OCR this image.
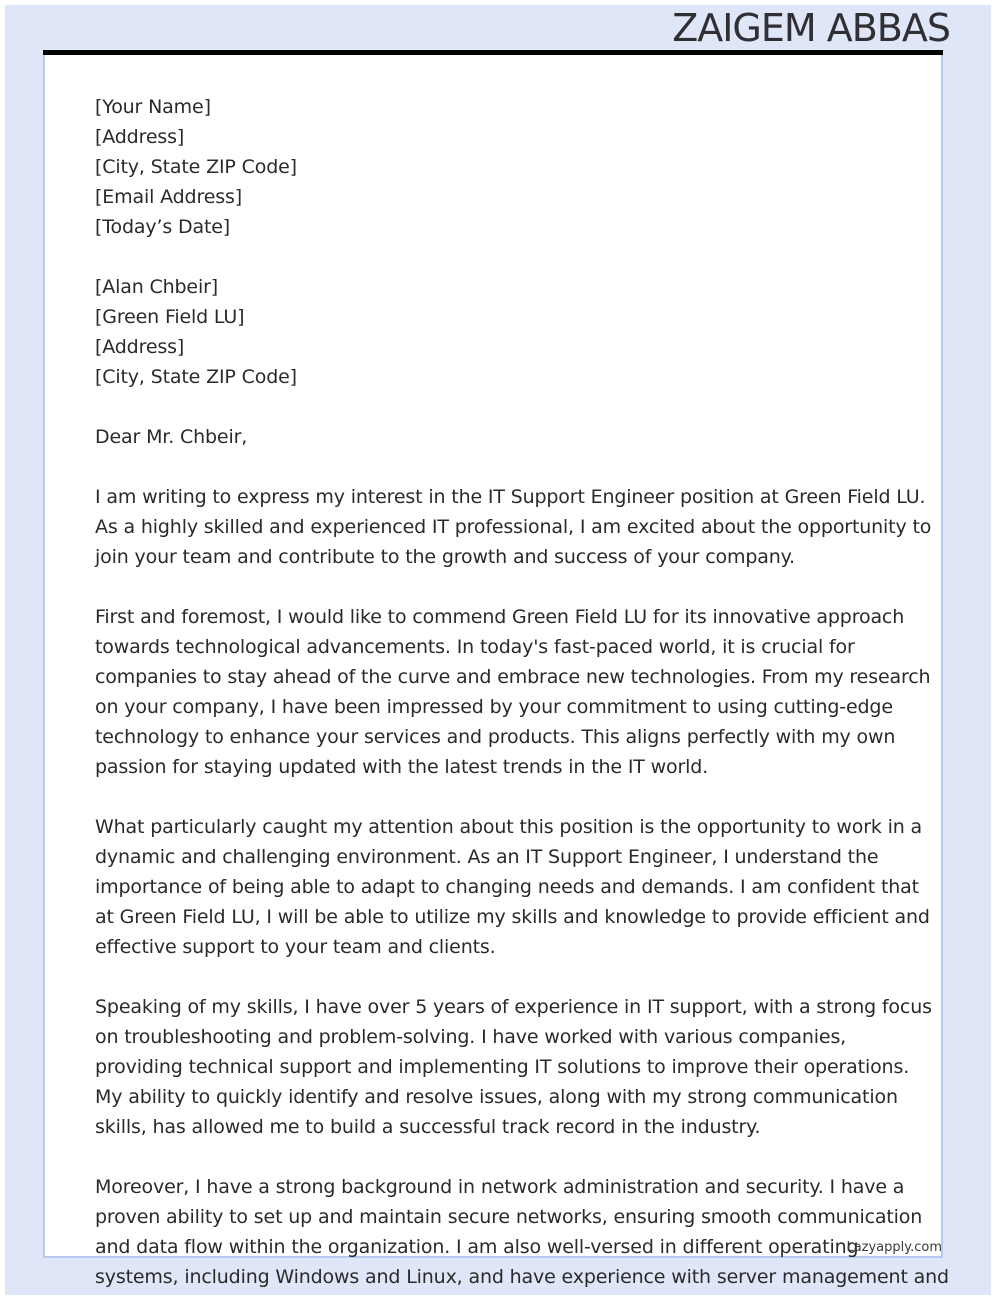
ZAIGEM ABBAS
[Your Name]
[Address]
[City, State ZIP Code]
[Email Address]
[Today’s Date]
[Alan Chbeir]
[Green Field LU]
[Address]
[City, State ZIP Code]
Dear Mr. Chbeir,
I am writing to express my interest in the IT Support Engineer position at Green Field LU.
As a highly skilled and experienced IT professional, I am excited about the opportunity to
join your team and contribute to the growth and success of your company.
First and foremost, I would like to commend Green Field LU for its innovative approach
towards technological advancements. In today's fast-paced world, it is crucial for
companies to stay ahead of the curve and embrace new technologies. From my research
on your company, I have been impressed by your commitment to using cutting-edge
technology to enhance your services and products. This aligns perfectly with my own
passion for staying updated with the latest trends in the IT world.
What particularly caught my attention about this position is the opportunity to work in a
dynamic and challenging environment. As an IT Support Engineer, I understand the
importance of being able to adapt to changing needs and demands. I am confident that
at Green Field LU, I will be able to utilize my skills and knowledge to provide efficient and
effective support to your team and clients.
Speaking of my skills, I have over 5 years of experience in IT support, with a strong focus
on troubleshooting and problem-solving. I have worked with various companies,
providing technical support and implementing IT solutions to improve their operations.
My ability to quickly identify and resolve issues, along with my strong communication
skills, has allowed me to build a successful track record in the industry.
Moreover, I have a strong background in network administration and security. I have a
proven ability to set up and maintain secure networks, ensuring smooth communication
and data flow within the organization. I am also well-versed in different operating
systems, including Windows and Linux, and have experience with server management and
Lazyapply.com
